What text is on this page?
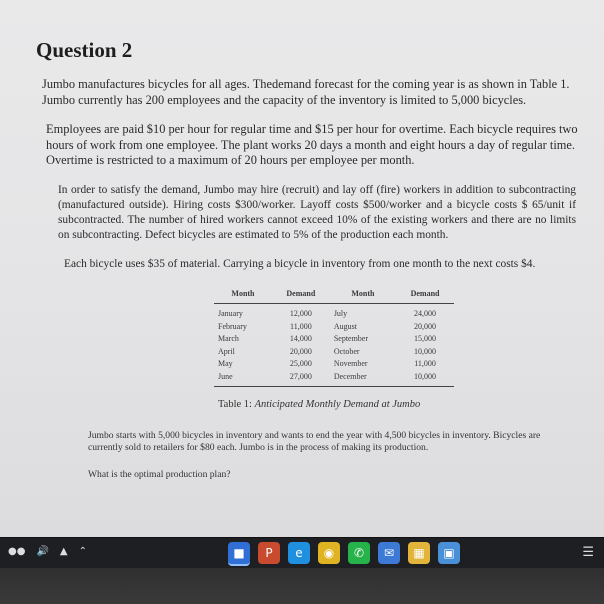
Question 2

Jumbo manufactures bicycles for all ages. Thedemand forecast for the coming year is as shown in Table 1. Jumbo currently has 200 employees and the capacity of the inventory is limited to 5,000 bicycles.

Employees are paid $10 per hour for regular time and $15 per hour for overtime. Each bicycle requires two hours of work from one employee. The plant works 20 days a month and eight hours a day of regular time. Overtime is restricted to a maximum of 20 hours per employee per month.

In order to satisfy the demand, Jumbo may hire (recruit) and lay off (fire) workers in addition to subcontracting (manufactured outside). Hiring costs $300/worker. Layoff costs $500/worker and a bicycle costs $ 65/unit if subcontracted. The number of hired workers cannot exceed 10% of the existing workers and there are no limits on subcontracting. Defect bicycles are estimated to 5% of the production each month.

Each bicycle uses $35 of material. Carrying a bicycle in inventory from one month to the next costs $4.

Month	Demand	Month	Demand
January	12,000	July	24,000
February	11,000	August	20,000
March	14,000	September	15,000
April	20,000	October	10,000
May	25,000	November	11,000
June	27,000	December	10,000
Table 1: Anticipated Monthly Demand at Jumbo

Jumbo starts with 5,000 bicycles in inventory and wants to end the year with 4,500 bicycles in inventory. Bicycles are currently sold to retailers for $80 each. Jumbo is in the process of making its production.

What is the optimal production plan?

●● 🔊 ▲ ⌃	■	P	e	◉	✆	✉	▦	▣	☰
